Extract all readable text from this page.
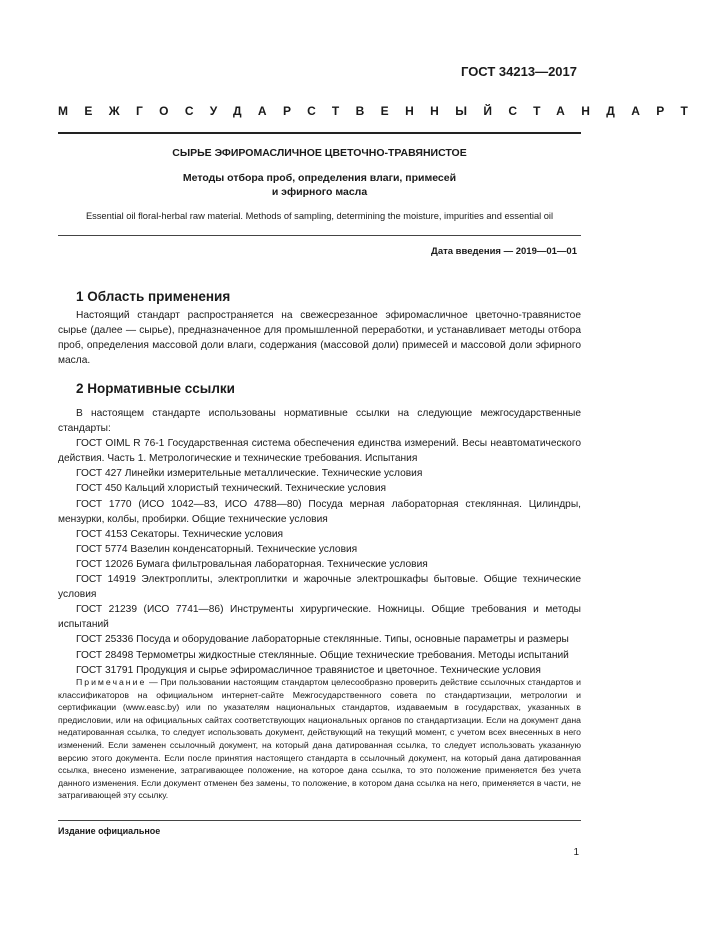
ГОСТ 34213—2017
МЕЖГОСУДАРСТВЕННЫЙ СТАНДАРТ
СЫРЬЕ ЭФИРОМАСЛИЧНОЕ ЦВЕТОЧНО-ТРАВЯНИСТОЕ
Методы отбора проб, определения влаги, примесей
и эфирного масла
Essential oil floral-herbal raw material. Methods of sampling, determining the moisture, impurities and essential oil
Дата введения — 2019—01—01
1 Область применения

Настоящий стандарт распространяется на свежесрезанное эфиромасличное цветочно-травянистое сырье (далее — сырье), предназначенное для промышленной переработки, и устанавливает методы отбора проб, определения массовой доли влаги, содержания (массовой доли) примесей и массовой доли эфирного масла.

2 Нормативные ссылки

В настоящем стандарте использованы нормативные ссылки на следующие межгосударственные стандарты:

ГОСТ OIML R 76-1 Государственная система обеспечения единства измерений. Весы неавтоматического действия. Часть 1. Метрологические и технические требования. Испытания

ГОСТ 427 Линейки измерительные металлические. Технические условия

ГОСТ 450 Кальций хлористый технический. Технические условия

ГОСТ 1770 (ИСО 1042—83, ИСО 4788—80) Посуда мерная лабораторная стеклянная. Цилиндры, мензурки, колбы, пробирки. Общие технические условия

ГОСТ 4153 Секаторы. Технические условия

ГОСТ 5774 Вазелин конденсаторный. Технические условия

ГОСТ 12026 Бумага фильтровальная лабораторная. Технические условия

ГОСТ 14919 Электроплиты, электроплитки и жарочные электрошкафы бытовые. Общие технические условия

ГОСТ 21239 (ИСО 7741—86) Инструменты хирургические. Ножницы. Общие требования и методы испытаний

ГОСТ 25336 Посуда и оборудование лабораторные стеклянные. Типы, основные параметры и размеры

ГОСТ 28498 Термометры жидкостные стеклянные. Общие технические требования. Методы испытаний

ГОСТ 31791 Продукция и сырье эфиромасличное травянистое и цветочное. Технические условия

Примечание — При пользовании настоящим стандартом целесообразно проверить действие ссылочных стандартов и классификаторов на официальном интернет-сайте Межгосударственного совета по стандартизации, метрологии и сертификации (www.easc.by) или по указателям национальных стандартов, издаваемым в государствах, указанных в предисловии, или на официальных сайтах соответствующих национальных органов по стандартизации. Если на документ дана недатированная ссылка, то следует использовать документ, действующий на текущий момент, с учетом всех внесенных в него изменений. Если заменен ссылочный документ, на который дана датированная ссылка, то следует использовать указанную версию этого документа. Если после принятия настоящего стандарта в ссылочный документ, на который дана датированная ссылка, внесено изменение, затрагивающее положение, на которое дана ссылка, то это положение применяется без учета данного изменения. Если документ отменен без замены, то положение, в котором дана ссылка на него, применяется в части, не затрагивающей эту ссылку.

Издание официальное
1
